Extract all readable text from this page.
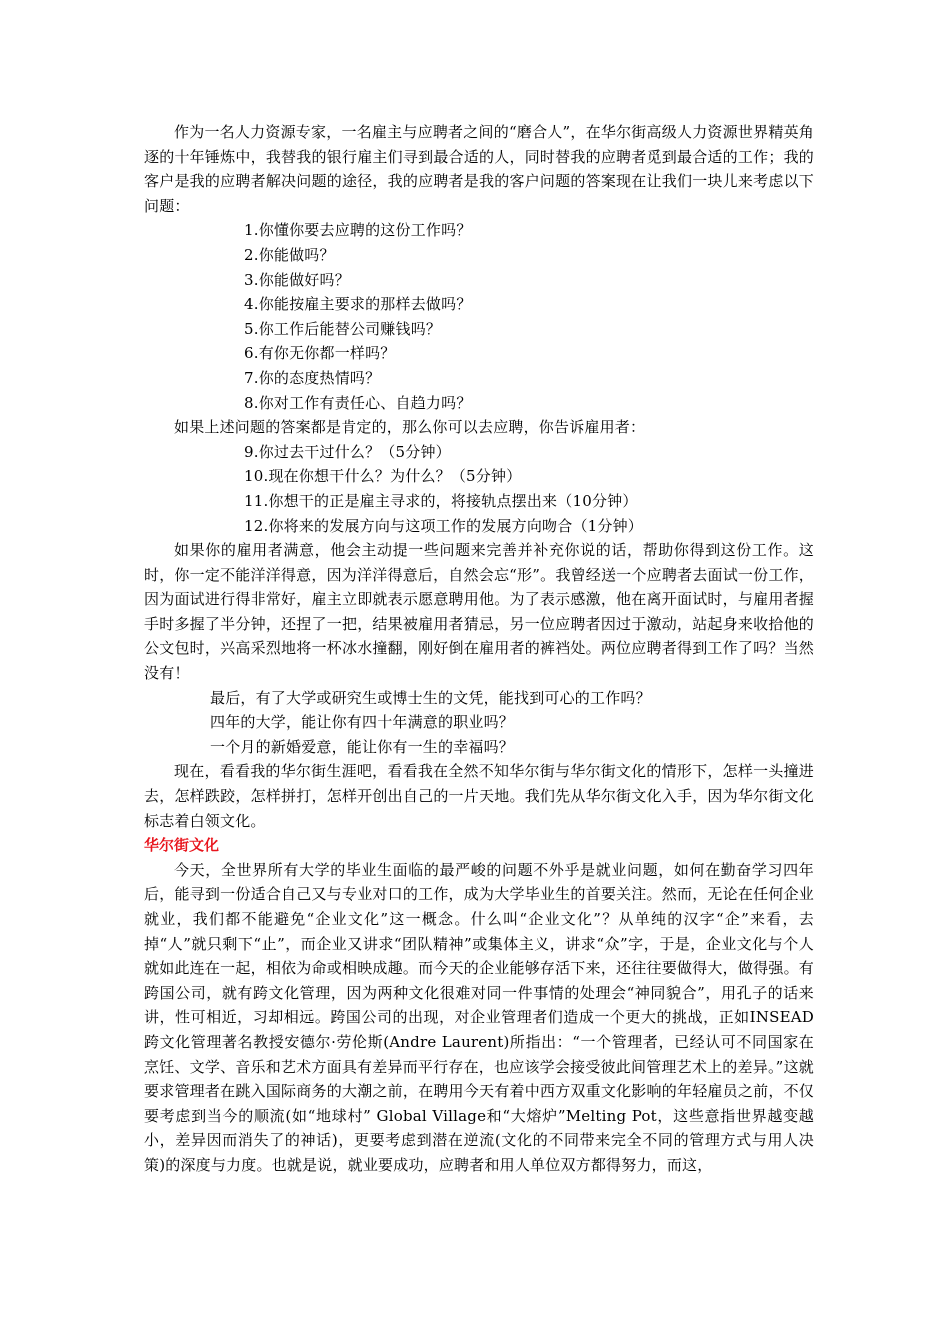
作为一名人力资源专家，一名雇主与应聘者之间的“磨合人”，在华尔街高级人力资源世界精英角逐的十年锤炼中，我替我的银行雇主们寻到最合适的人，同时替我的应聘者觅到最合适的工作；我的客户是我的应聘者解决问题的途径，我的应聘者是我的客户问题的答案现在让我们一块儿来考虑以下问题：

1.你懂你要去应聘的这份工作吗？

2.你能做吗？

3.你能做好吗？

4.你能按雇主要求的那样去做吗？

5.你工作后能替公司赚钱吗？

6.有你无你都一样吗？

7.你的态度热情吗？

8.你对工作有责任心、自趋力吗？

如果上述问题的答案都是肯定的，那么你可以去应聘，你告诉雇用者：

9.你过去干过什么？（5分钟）

10.现在你想干什么？为什么？（5分钟）

11.你想干的正是雇主寻求的，将接轨点摆出来（10分钟）

12.你将来的发展方向与这项工作的发展方向吻合（1分钟）

如果你的雇用者满意，他会主动提一些问题来完善并补充你说的话，帮助你得到这份工作。这时，你一定不能洋洋得意，因为洋洋得意后，自然会忘“形”。我曾经送一个应聘者去面试一份工作，因为面试进行得非常好，雇主立即就表示愿意聘用他。为了表示感激，他在离开面试时，与雇用者握手时多握了半分钟，还捏了一把，结果被雇用者猜忌，另一位应聘者因过于激动，站起身来收拾他的公文包时，兴高采烈地将一杯冰水撞翻，刚好倒在雇用者的裤裆处。两位应聘者得到工作了吗？当然没有！

最后，有了大学或研究生或博士生的文凭，能找到可心的工作吗？

四年的大学，能让你有四十年满意的职业吗？

一个月的新婚爱意，能让你有一生的幸福吗？

现在，看看我的华尔街生涯吧，看看我在全然不知华尔街与华尔街文化的情形下，怎样一头撞进去，怎样跌跤，怎样拼打，怎样开创出自己的一片天地。我们先从华尔街文化入手，因为华尔街文化标志着白领文化。

华尔街文化

今天，全世界所有大学的毕业生面临的最严峻的问题不外乎是就业问题，如何在勤奋学习四年后，能寻到一份适合自己又与专业对口的工作，成为大学毕业生的首要关注。然而，无论在任何企业就业，我们都不能避免“企业文化”这一概念。什么叫“企业文化”？从单纯的汉字“企”来看，去掉“人”就只剩下“止”，而企业又讲求“团队精神”或集体主义，讲求“众”字，于是，企业文化与个人就如此连在一起，相依为命或相映成趣。而今天的企业能够存活下来，还往往要做得大，做得强。有跨国公司，就有跨文化管理，因为两种文化很难对同一件事情的处理会“神同貌合”，用孔子的话来讲，性可相近，习却相远。跨国公司的出现，对企业管理者们造成一个更大的挑战，正如INSEAD跨文化管理著名教授安德尔·劳伦斯(Andre Laurent)所指出：“一个管理者，已经认可不同国家在烹饪、文学、音乐和艺术方面具有差异而平行存在，也应该学会接受彼此间管理艺术上的差异。”这就要求管理者在跳入国际商务的大潮之前，在聘用今天有着中西方双重文化影响的年轻雇员之前，不仅要考虑到当今的顺流(如“地球村” Global Village和“大熔炉”Melting Pot，这些意指世界越变越小，差异因而消失了的神话)，更要考虑到潜在逆流(文化的不同带来完全不同的管理方式与用人决策)的深度与力度。也就是说，就业要成功，应聘者和用人单位双方都得努力，而这，
